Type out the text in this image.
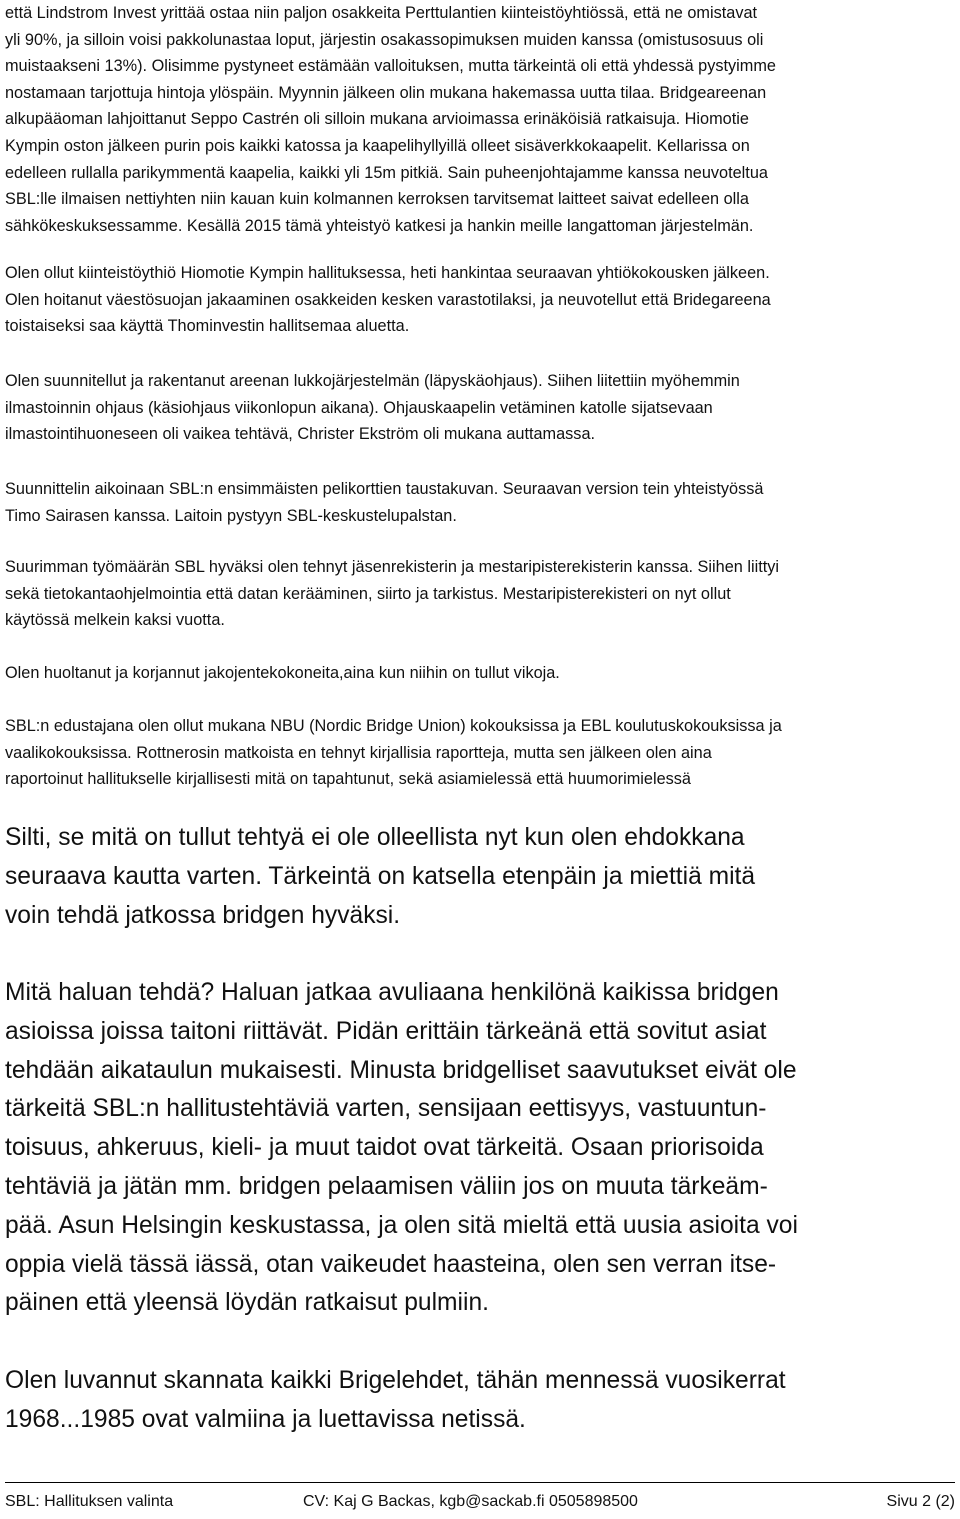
että Lindstrom Invest yrittää ostaa niin paljon osakkeita Perttulantien kiinteistöyhtiössä, että ne omistavat
yli 90%, ja silloin voisi pakkolunastaa loput, järjestin osakassopimuksen muiden kanssa (omistusosuus oli
muistaakseni 13%). Olisimme pystyneet estämään valloituksen, mutta tärkeintä oli että yhdessä pystyimme
nostamaan tarjottuja hintoja ylöspäin. Myynnin jälkeen olin mukana hakemassa uutta tilaa. Bridgeareenan
alkupääoman lahjoittanut Seppo Castrén oli silloin mukana arvioimassa erinäköisiä ratkaisuja. Hiomotie
Kympin oston jälkeen purin pois kaikki katossa ja kaapelihyllyillä olleet sisäverkkokaapelit. Kellarissa on
edelleen rullalla parikymmentä kaapelia, kaikki yli 15m pitkiä. Sain puheenjohtajamme kanssa neuvoteltua
SBL:lle ilmaisen nettiyhten niin kauan kuin kolmannen kerroksen tarvitsemat laitteet saivat edelleen olla
sähkökeskuksessamme. Kesällä 2015 tämä yhteistyö katkesi ja hankin meille langattoman järjestelmän.

Olen ollut kiinteistöythiö Hiomotie Kympin hallituksessa, heti hankintaa seuraavan yhtiökokousken jälkeen.
Olen hoitanut väestösuojan jakaaminen osakkeiden kesken varastotilaksi, ja neuvotellut että Bridegareena
toistaiseksi saa käyttä Thominvestin hallitsemaa aluetta.

Olen suunnitellut ja rakentanut areenan lukkojärjestelmän (läpyskäohjaus). Siihen liitettiin myöhemmin
ilmastoinnin ohjaus (käsiohjaus viikonlopun aikana). Ohjauskaapelin vetäminen katolle sijatsevaan
ilmastointihuoneseen oli vaikea tehtävä, Christer Ekström oli mukana auttamassa.

Suunnittelin aikoinaan SBL:n ensimmäisten pelikorttien taustakuvan. Seuraavan version tein yhteistyössä
Timo Sairasen kanssa. Laitoin pystyyn SBL-keskustelupalstan.

Suurimman työmäärän SBL hyväksi olen tehnyt jäsenrekisterin ja mestaripisterekisterin kanssa. Siihen liittyi
sekä tietokantaohjelmointia että datan kerääminen, siirto ja tarkistus. Mestaripisterekisteri on nyt ollut
käytössä melkein kaksi vuotta.

Olen huoltanut ja korjannut jakojentekokoneita,aina kun niihin on tullut vikoja.

SBL:n edustajana olen ollut mukana NBU (Nordic Bridge Union) kokouksissa ja EBL koulutuskokouksissa ja
vaalikokouksissa. Rottnerosin matkoista en tehnyt kirjallisia raportteja, mutta sen jälkeen olen aina
raportoinut hallitukselle kirjallisesti mitä on tapahtunut, sekä asiamielessä että huumorimielessä

Silti, se mitä on tullut tehtyä ei ole olleellista nyt kun olen ehdokkana
seuraava kautta varten. Tärkeintä on katsella etenpäin ja miettiä mitä
voin tehdä jatkossa bridgen hyväksi.

Mitä haluan tehdä? Haluan jatkaa avuliaana henkilönä kaikissa bridgen
asioissa joissa taitoni riittävät. Pidän erittäin tärkeänä että sovitut asiat
tehdään aikataulun mukaisesti. Minusta bridgelliset saavutukset eivät ole
tärkeitä SBL:n hallitustehtäviä varten, sensijaan eettisyys, vastuuntun-
toisuus, ahkeruus, kieli- ja muut taidot ovat tärkeitä. Osaan priorisoida
tehtäviä ja jätän mm. bridgen pelaamisen väliin jos on muuta tärkeäm-
pää. Asun Helsingin keskustassa, ja olen sitä mieltä että uusia asioita voi
oppia vielä tässä iässä, otan vaikeudet haasteina, olen sen verran itse-
päinen että yleensä löydän ratkaisut pulmiin.

Olen luvannut skannata kaikki Brigelehdet, tähän mennessä vuosikerrat
1968...1985 ovat valmiina ja luettavissa netissä.

SBL: Hallituksen valinta	CV: Kaj G Backas, kgb@sackab.fi 0505898500	Sivu 2 (2)
